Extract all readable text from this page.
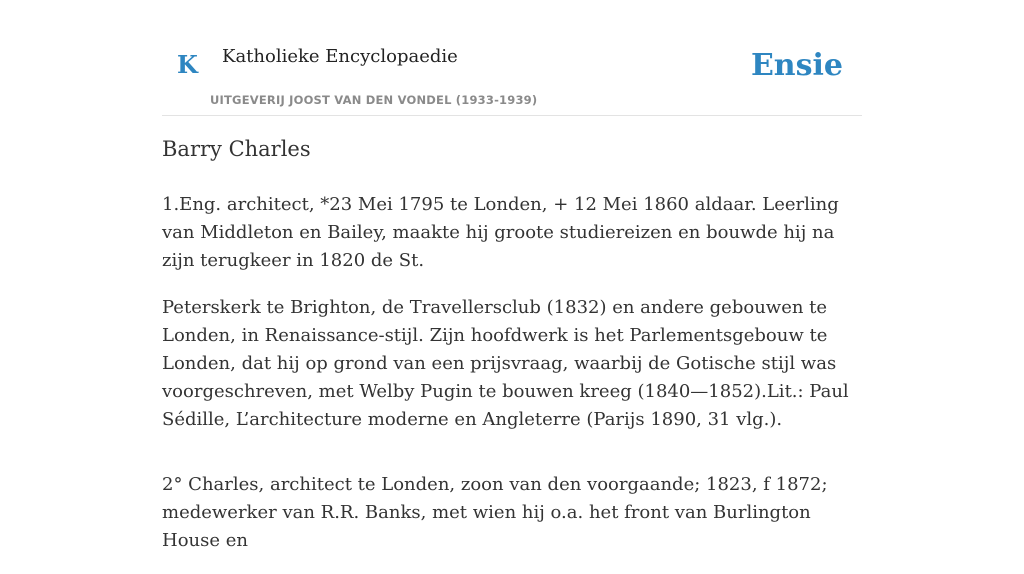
K Katholieke Encyclopaedie
UITGEVERIJ JOOST VAN DEN VONDEL (1933-1939)
Ensie
Barry Charles

1.Eng. architect, *23 Mei 1795 te Londen, + 12 Mei 1860 aldaar. Leerling van Middleton en Bailey, maakte hij groote studiereizen en bouwde hij na zijn terugkeer in 1820 de St.

Peterskerk te Brighton, de Travellersclub (1832) en andere gebouwen te Londen, in Renaissance-stijl. Zijn hoofdwerk is het Parlementsgebouw te Londen, dat hij op grond van een prijsvraag, waarbij de Gotische stijl was voorgeschreven, met Welby Pugin te bouwen kreeg (1840—1852).Lit.: Paul Sédille, L’architecture moderne en Angleterre (Parijs 1890, 31 vlg.).

2° Charles, architect te Londen, zoon van den voorgaande; 1823, f 1872; medewerker van R.R. Banks, met wien hij o.a. het front van Burlington House en
